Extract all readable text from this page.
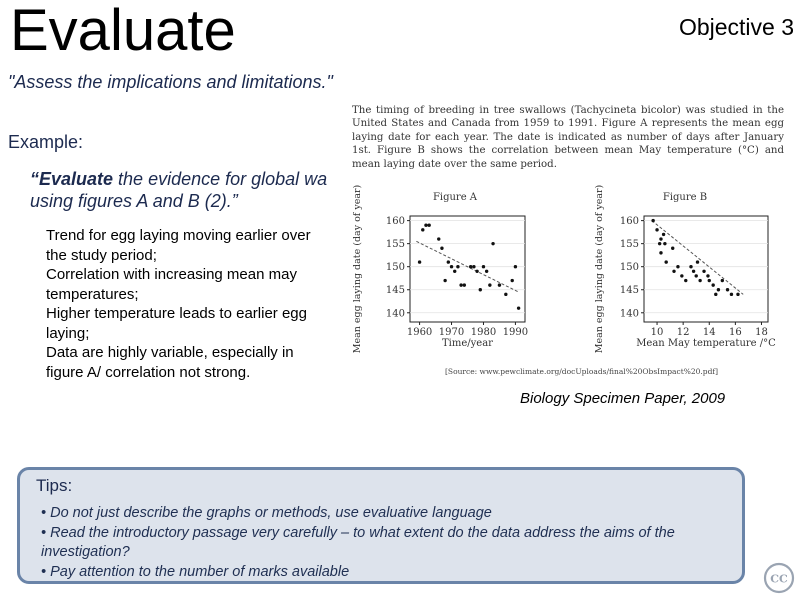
Evaluate	Objective 3
"Assess the implications and limitations."
Example:
“Evaluate the evidence for global wa
using figures A and B (2).”
Trend for egg laying moving earlier over
the study period;
Correlation with increasing mean may
temperatures;
Higher temperature leads to earlier egg
laying;
Data are highly variable, especially in
figure A/ correlation not strong.
The timing of breeding in tree swallows (Tachycineta bicolor) was studied in the United States and Canada from 1959 to 1991. Figure A represents the mean egg laying date for each year. The date is indicated as number of days after January 1st. Figure B shows the correlation between mean May temperature (°C) and mean laying date over the same period.
Figure A
140
145
150
155
160
1960 1970 1980 1990
Time/year
Mean egg laying date (day of year)	Figure B
140
145
150
155
160
10 12 14 16 18
Mean May temperature /°C
Mean egg laying date (day of year)
[Source: www.pewclimate.org/docUploads/final%20ObsImpact%20.pdf]
Biology Specimen Paper, 2009
Tips:
• Do not just describe the graphs or methods, use evaluative language
• Read the introductory passage very carefully – to what extent do the data address the aims of the investigation?
• Pay attention to the number of marks available	CC
